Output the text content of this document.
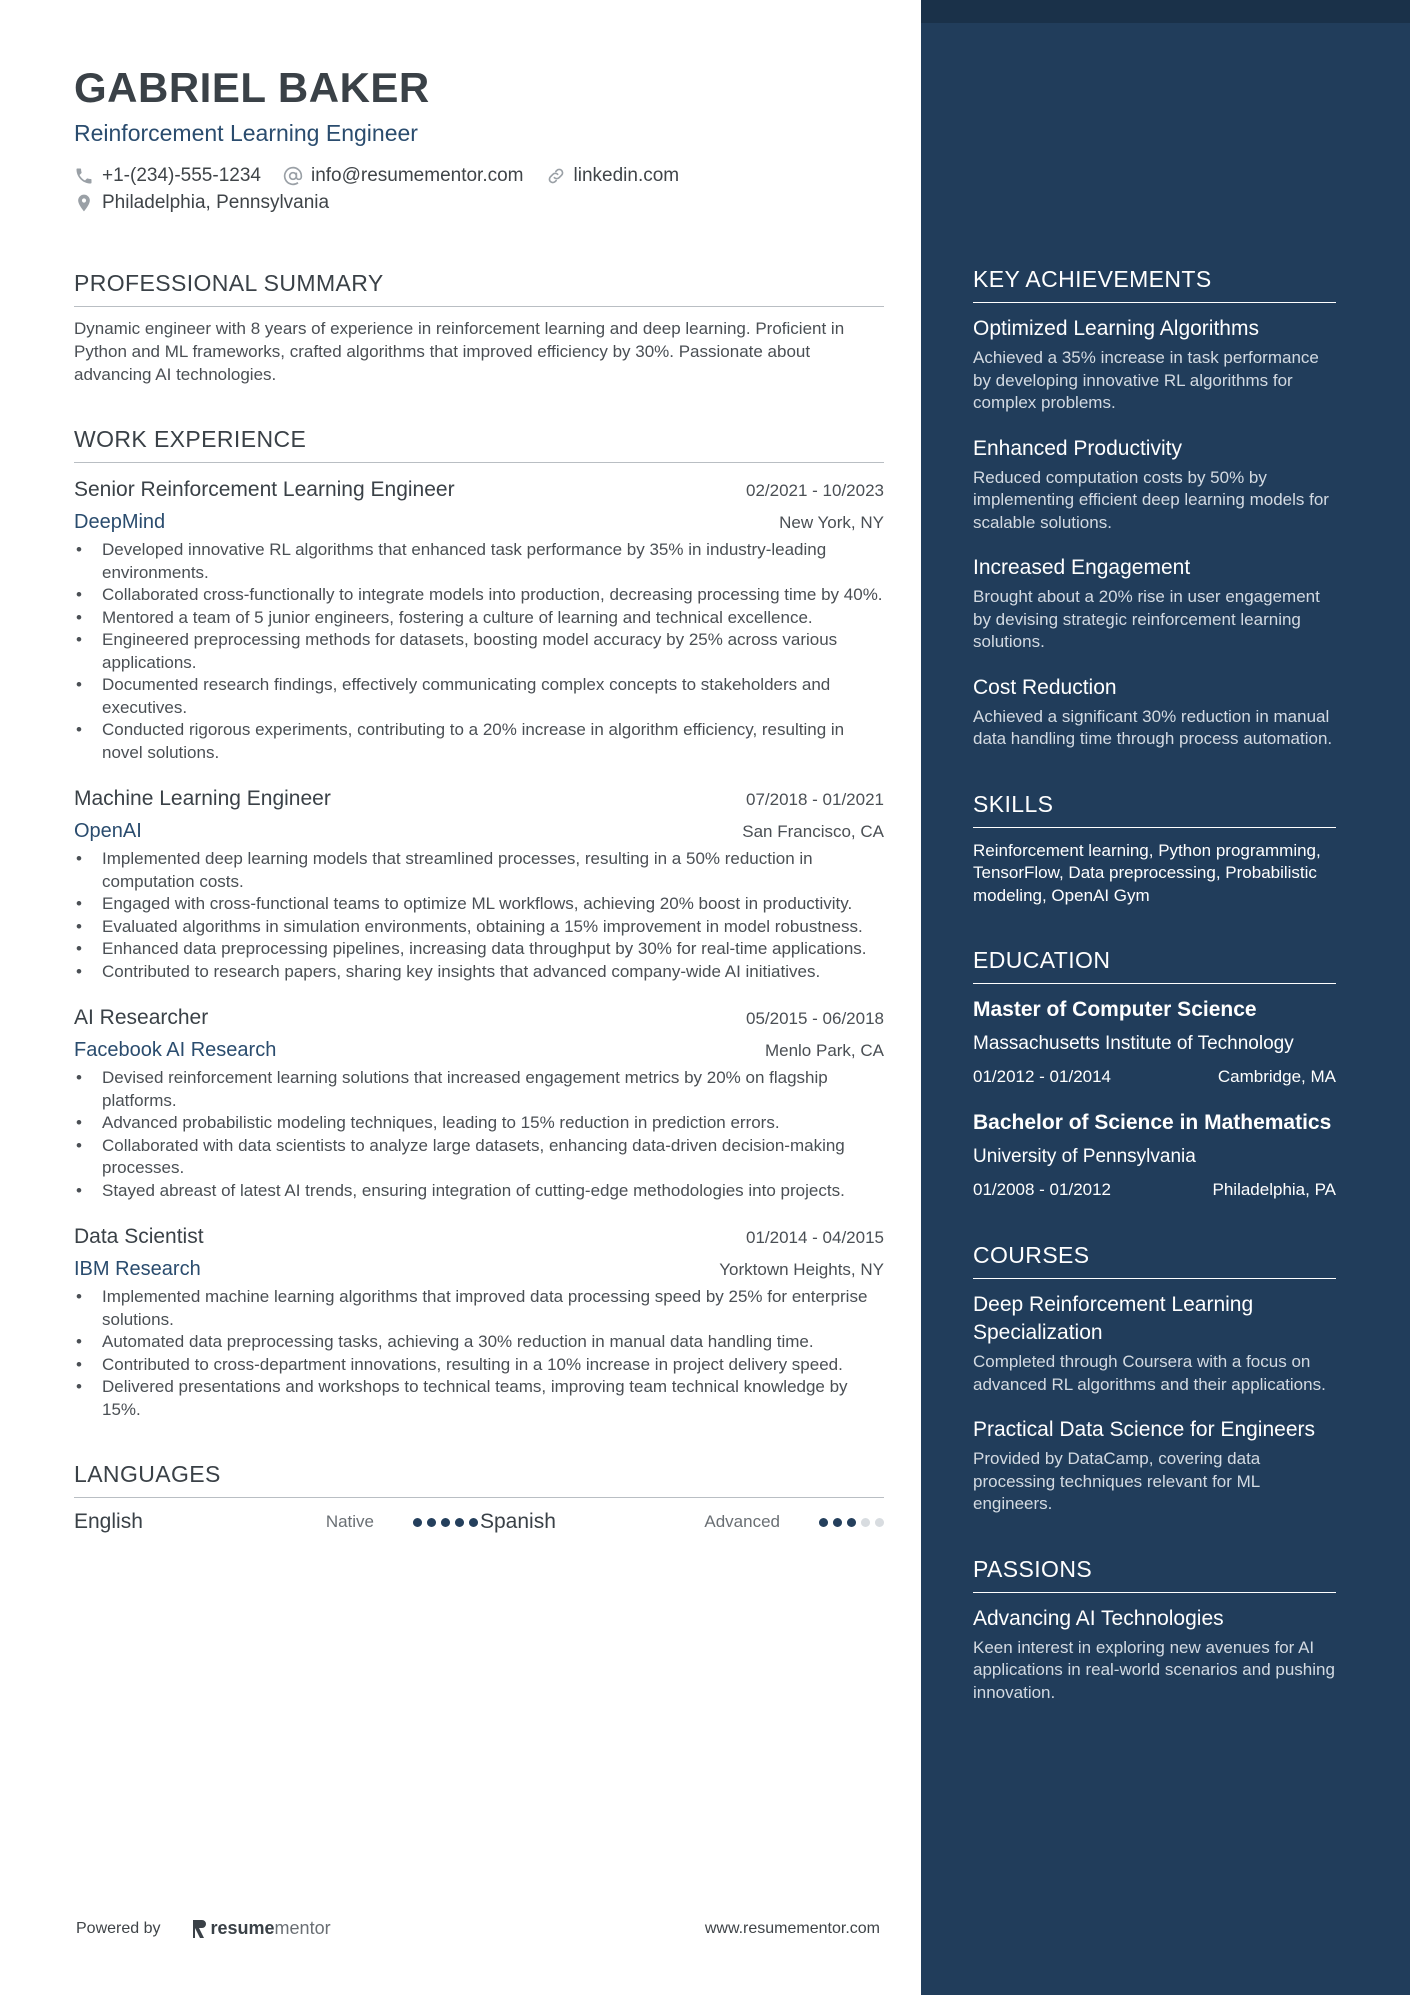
GABRIEL BAKER
Reinforcement Learning Engineer
+1-(234)-555-1234	info@resumementor.com	linkedin.com
Philadelphia, Pennsylvania
PROFESSIONAL SUMMARY
Dynamic engineer with 8 years of experience in reinforcement learning and deep learning. Proficient in Python and ML frameworks, crafted algorithms that improved efficiency by 30%. Passionate about advancing AI technologies.
WORK EXPERIENCE
Senior Reinforcement Learning Engineer	02/2021 - 10/2023
DeepMind	New York, NY
• Developed innovative RL algorithms that enhanced task performance by 35% in industry-leading environments.
• Collaborated cross-functionally to integrate models into production, decreasing processing time by 40%.
• Mentored a team of 5 junior engineers, fostering a culture of learning and technical excellence.
• Engineered preprocessing methods for datasets, boosting model accuracy by 25% across various applications.
• Documented research findings, effectively communicating complex concepts to stakeholders and executives.
• Conducted rigorous experiments, contributing to a 20% increase in algorithm efficiency, resulting in novel solutions.
Machine Learning Engineer	07/2018 - 01/2021
OpenAI	San Francisco, CA
• Implemented deep learning models that streamlined processes, resulting in a 50% reduction in computation costs.
• Engaged with cross-functional teams to optimize ML workflows, achieving 20% boost in productivity.
• Evaluated algorithms in simulation environments, obtaining a 15% improvement in model robustness.
• Enhanced data preprocessing pipelines, increasing data throughput by 30% for real-time applications.
• Contributed to research papers, sharing key insights that advanced company-wide AI initiatives.
AI Researcher	05/2015 - 06/2018
Facebook AI Research	Menlo Park, CA
• Devised reinforcement learning solutions that increased engagement metrics by 20% on flagship platforms.
• Advanced probabilistic modeling techniques, leading to 15% reduction in prediction errors.
• Collaborated with data scientists to analyze large datasets, enhancing data-driven decision-making processes.
• Stayed abreast of latest AI trends, ensuring integration of cutting-edge methodologies into projects.
Data Scientist	01/2014 - 04/2015
IBM Research	Yorktown Heights, NY
• Implemented machine learning algorithms that improved data processing speed by 25% for enterprise solutions.
• Automated data preprocessing tasks, achieving a 30% reduction in manual data handling time.
• Contributed to cross-department innovations, resulting in a 10% increase in project delivery speed.
• Delivered presentations and workshops to technical teams, improving team technical knowledge by 15%.
LANGUAGES
English	Native	Spanish	Advanced
Powered by	resume mentor	www.resumementor.com
KEY ACHIEVEMENTS
Optimized Learning Algorithms
Achieved a 35% increase in task performance by developing innovative RL algorithms for complex problems.
Enhanced Productivity
Reduced computation costs by 50% by implementing efficient deep learning models for scalable solutions.
Increased Engagement
Brought about a 20% rise in user engagement by devising strategic reinforcement learning solutions.
Cost Reduction
Achieved a significant 30% reduction in manual data handling time through process automation.
SKILLS
Reinforcement learning, Python programming, TensorFlow, Data preprocessing, Probabilistic modeling, OpenAI Gym
EDUCATION
Master of Computer Science
Massachusetts Institute of Technology
01/2012 - 01/2014	Cambridge, MA
Bachelor of Science in Mathematics
University of Pennsylvania
01/2008 - 01/2012	Philadelphia, PA
COURSES
Deep Reinforcement Learning Specialization
Completed through Coursera with a focus on advanced RL algorithms and their applications.
Practical Data Science for Engineers
Provided by DataCamp, covering data processing techniques relevant for ML engineers.
PASSIONS
Advancing AI Technologies
Keen interest in exploring new avenues for AI applications in real-world scenarios and pushing innovation.
